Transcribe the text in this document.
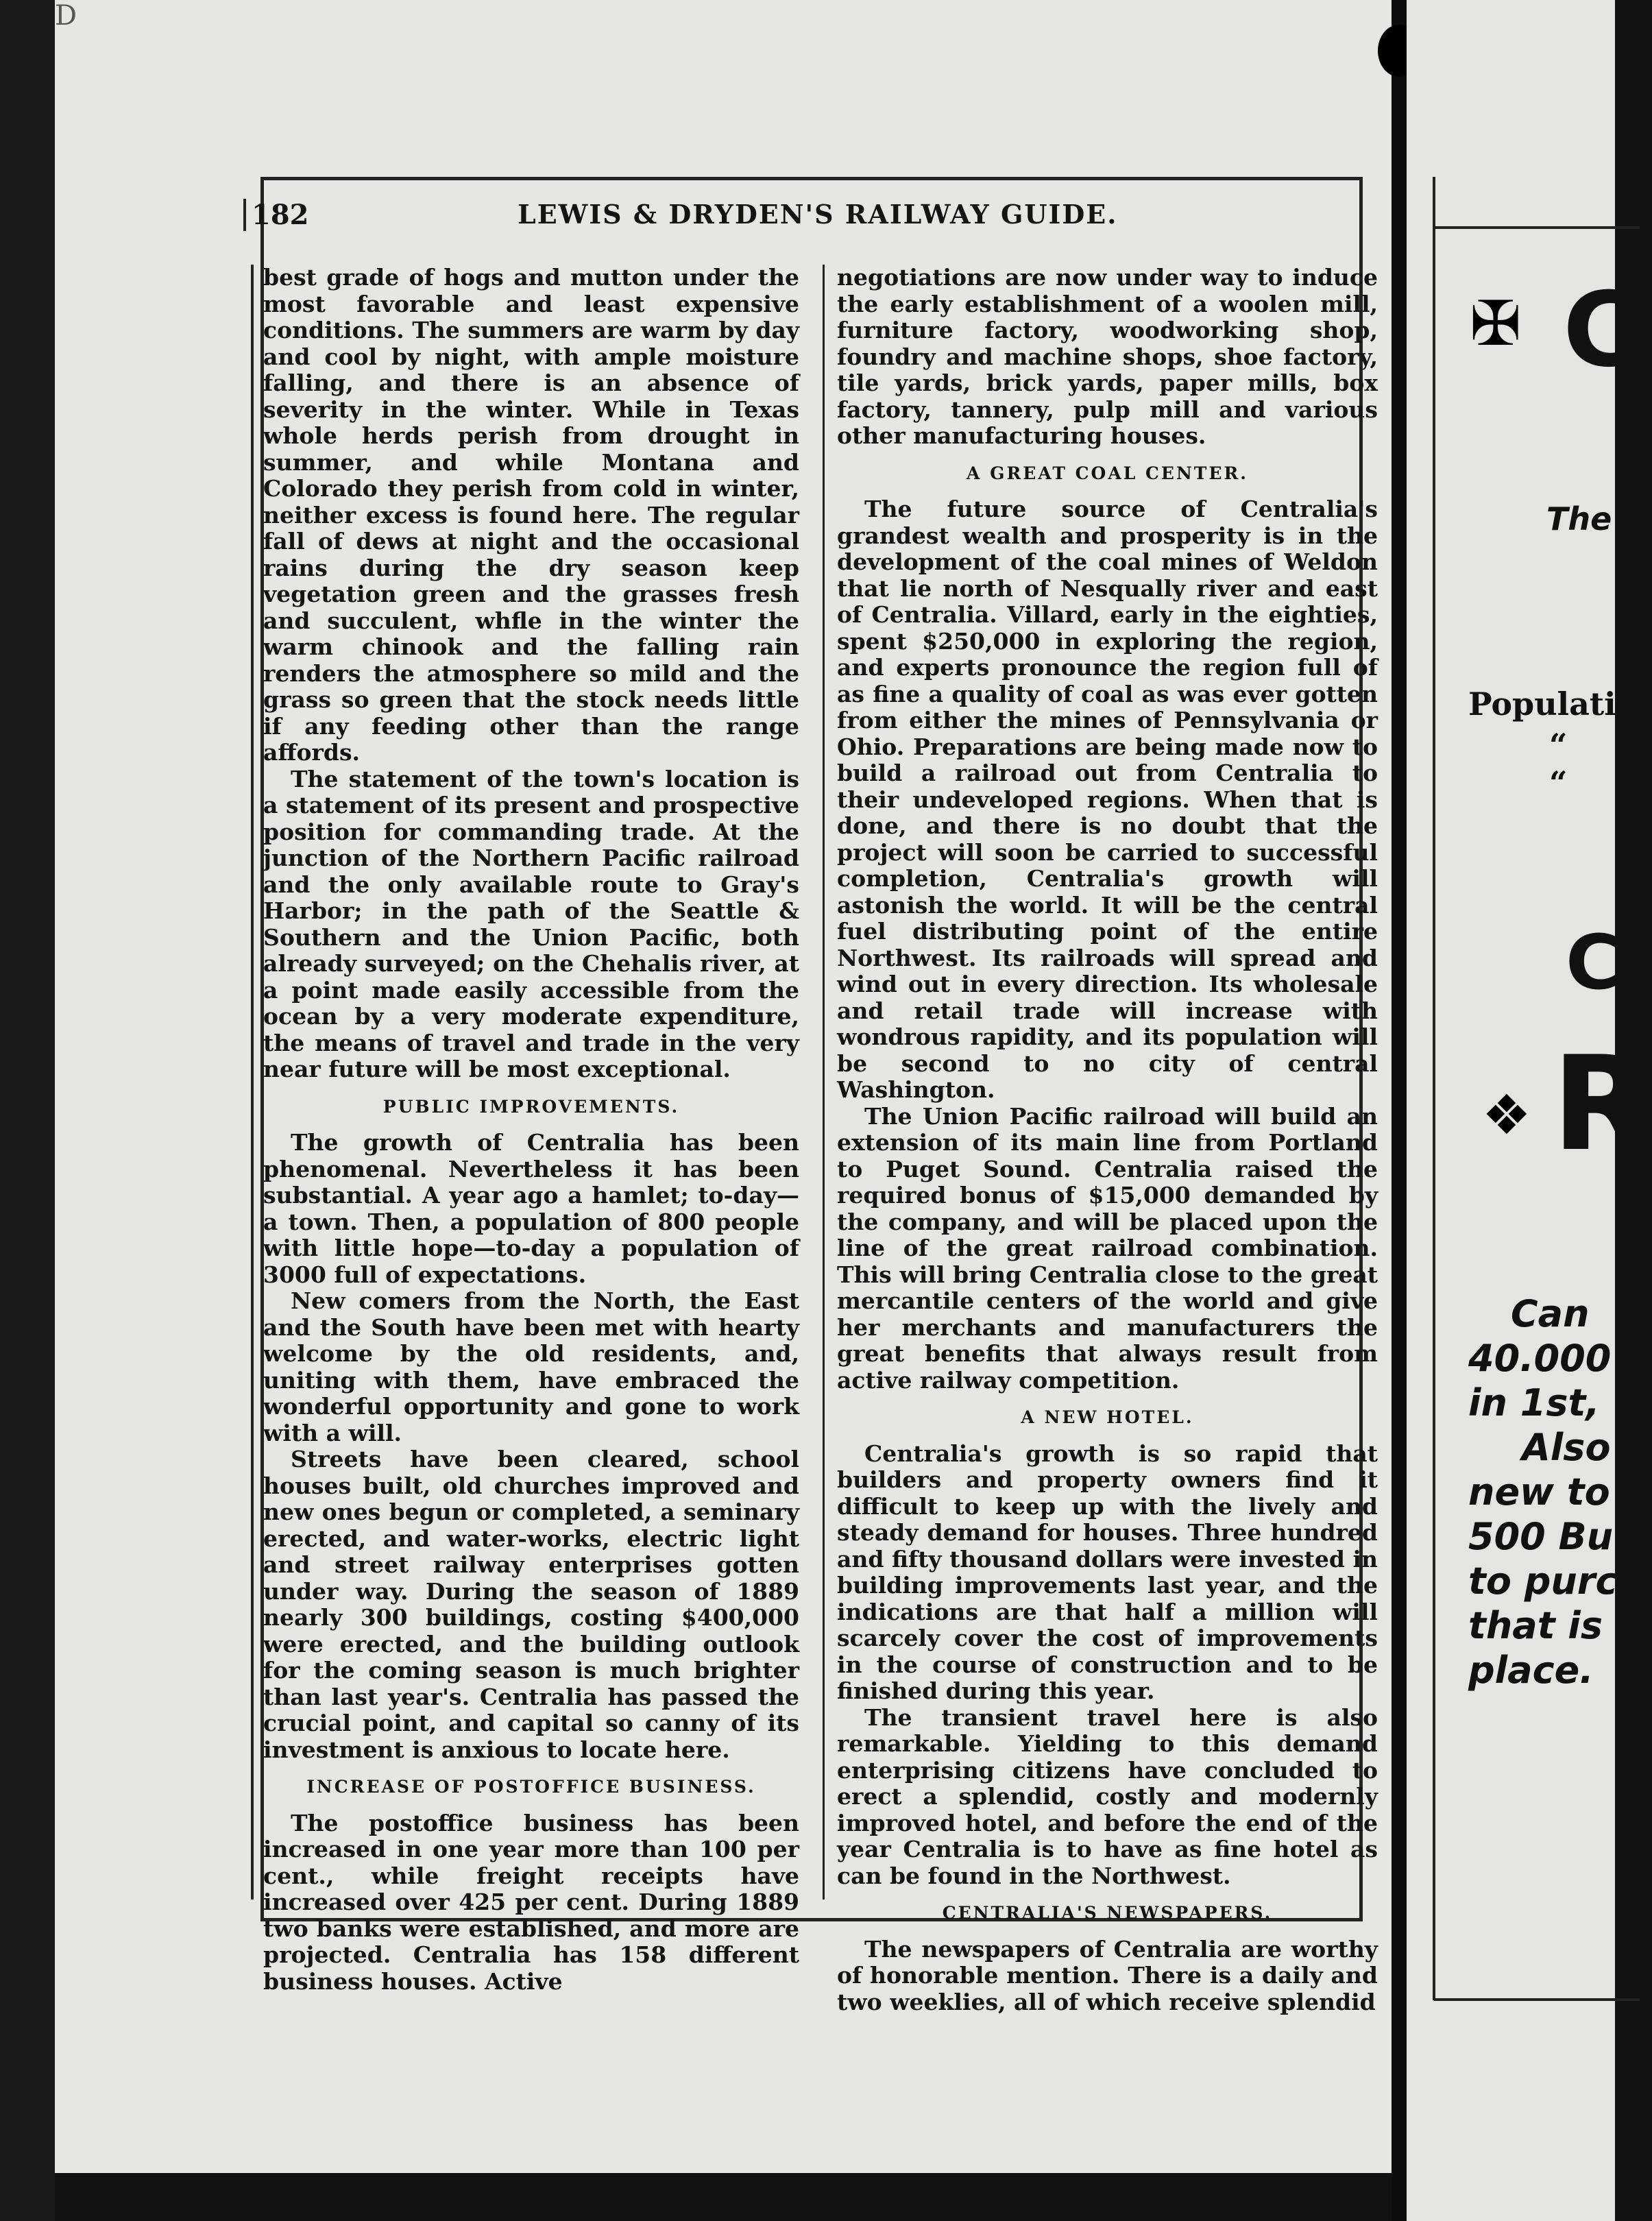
D
182	LEWIS & DRYDEN'S RAILWAY GUIDE.

best grade of hogs and mutton under the most favorable and least expensive conditions. The summers are warm by day and cool by night, with ample moisture falling, and there is an absence of severity in the winter. While in Texas whole herds perish from drought in summer, and while Montana and Colorado they perish from cold in winter, neither excess is found here. The regular fall of dews at night and the occasional rains during the dry season keep vegetation green and the grasses fresh and succulent, whfle in the winter the warm chinook and the falling rain renders the atmosphere so mild and the grass so green that the stock needs little if any feeding other than the range affords.

The statement of the town's location is a statement of its present and prospective position for commanding trade. At the junction of the Northern Pacific railroad and the only available route to Gray's Harbor; in the path of the Seattle & Southern and the Union Pacific, both already surveyed; on the Chehalis river, at a point made easily accessible from the ocean by a very moderate expenditure, the means of travel and trade in the very near future will be most exceptional.

PUBLIC IMPROVEMENTS.

The growth of Centralia has been phenomenal. Nevertheless it has been substantial. A year ago a hamlet; to-day—a town. Then, a population of 800 people with little hope—to-day a population of 3000 full of expectations.

New comers from the North, the East and the South have been met with hearty welcome by the old residents, and, uniting with them, have embraced the wonderful opportunity and gone to work with a will.

Streets have been cleared, school houses built, old churches improved and new ones begun or completed, a seminary erected, and water-works, electric light and street railway enterprises gotten under way. During the season of 1889 nearly 300 buildings, costing $400,000 were erected, and the building outlook for the coming season is much brighter than last year's. Centralia has passed the crucial point, and capital so canny of its investment is anxious to locate here.

INCREASE OF POSTOFFICE BUSINESS.

The postoffice business has been increased in one year more than 100 per cent., while freight receipts have increased over 425 per cent. During 1889 two banks were established, and more are projected. Centralia has 158 different business houses. Active

negotiations are now under way to induce the early establishment of a woolen mill, furniture factory, woodworking shop, foundry and machine shops, shoe factory, tile yards, brick yards, paper mills, box factory, tannery, pulp mill and various other manufacturing houses.

A GREAT COAL CENTER.

The future source of Centralia's grandest wealth and prosperity is in the development of the coal mines of Weldon that lie north of Nesqually river and east of Centralia. Villard, early in the eighties, spent $250,000 in exploring the region, and experts pronounce the region full of as fine a quality of coal as was ever gotten from either the mines of Pennsylvania or Ohio. Preparations are being made now to build a railroad out from Centralia to their undeveloped regions. When that is done, and there is no doubt that the project will soon be carried to successful completion, Centralia's growth will astonish the world. It will be the central fuel distributing point of the entire Northwest. Its railroads will spread and wind out in every direction. Its wholesale and retail trade will increase with wondrous rapidity, and its population will be second to no city of central Washington.

The Union Pacific railroad will build an extension of its main line from Portland to Puget Sound. Centralia raised the required bonus of $15,000 demanded by the company, and will be placed upon the line of the great railroad combination. This will bring Centralia close to the great mercantile centers of the world and give her merchants and manufacturers the great benefits that always result from active railway competition.

A NEW HOTEL.

Centralia's growth is so rapid that builders and property owners find it difficult to keep up with the lively and steady demand for houses. Three hundred and fifty thousand dollars were invested in building improvements last year, and the indications are that half a million will scarcely cover the cost of improvements in the course of construction and to be finished during this year.

The transient travel here is also remarkable. Yielding to this demand enterprising citizens have concluded to erect a splendid, costly and modernly improved hotel, and before the end of the year Centralia is to have as fine hotel as can be found in the Northwest.

CENTRALIA'S NEWSPAPERS.

The newspapers of Centralia are worthy of honorable mention. There is a daily and two weeklies, all of which receive splendid

✠ C
The
Populati
“
“
C
❖ R
Can
40.000
in 1st,
Also
new to
500 Bu
to purc
that is
place.
